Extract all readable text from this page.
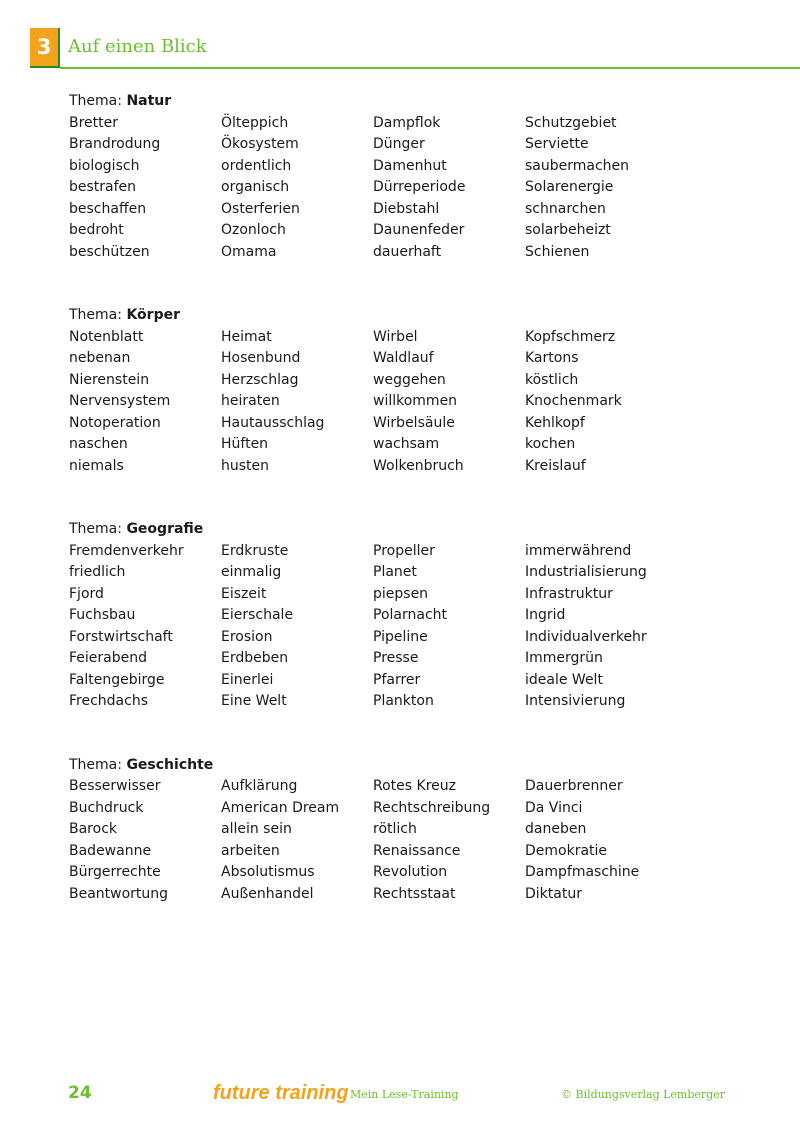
3 Auf einen Blick
Thema: Natur
Bretter
Brandrodung
biologisch
bestrafen
beschaffen
bedroht
beschützen
Ölteppich
Ökosystem
ordentlich
organisch
Osterferien
Ozonloch
Omama
Dampflok
Dünger
Damenhut
Dürreperiode
Diebstahl
Daunenfeder
dauerhaft
Schutzgebiet
Serviette
saubermachen
Solarenergie
schnarchen
solarbeheizt
Schienen
Thema: Körper
Notenblatt
nebenan
Nierenstein
Nervensystem
Notoperation
naschen
niemals
Heimat
Hosenbund
Herzschlag
heiraten
Hautausschlag
Hüften
husten
Wirbel
Waldlauf
weggehen
willkommen
Wirbelsäule
wachsam
Wolkenbruch
Kopfschmerz
Kartons
köstlich
Knochenmark
Kehlkopf
kochen
Kreislauf
Thema: Geografie
Fremdenverkehr
friedlich
Fjord
Fuchsbau
Forstwirtschaft
Feierabend
Faltengebirge
Frechdachs
Erdkruste
einmalig
Eiszeit
Eierschale
Erosion
Erdbeben
Einerlei
Eine Welt
Propeller
Planet
piepsen
Polarnacht
Pipeline
Presse
Pfarrer
Plankton
immerwährend
Industrialisierung
Infrastruktur
Ingrid
Individualverkehr
Immergrün
ideale Welt
Intensivierung
Thema: Geschichte
Besserwisser
Buchdruck
Barock
Badewanne
Bürgerrechte
Beantwortung
Aufklärung
American Dream
allein sein
arbeiten
Absolutismus
Außenhandel
Rotes Kreuz
Rechtschreibung
rötlich
Renaissance
Revolution
Rechtsstaat
Dauerbrenner
Da Vinci
daneben
Demokratie
Dampfmaschine
Diktatur
24	future training Mein Lese-Training	© Bildungsverlag Lemberger
